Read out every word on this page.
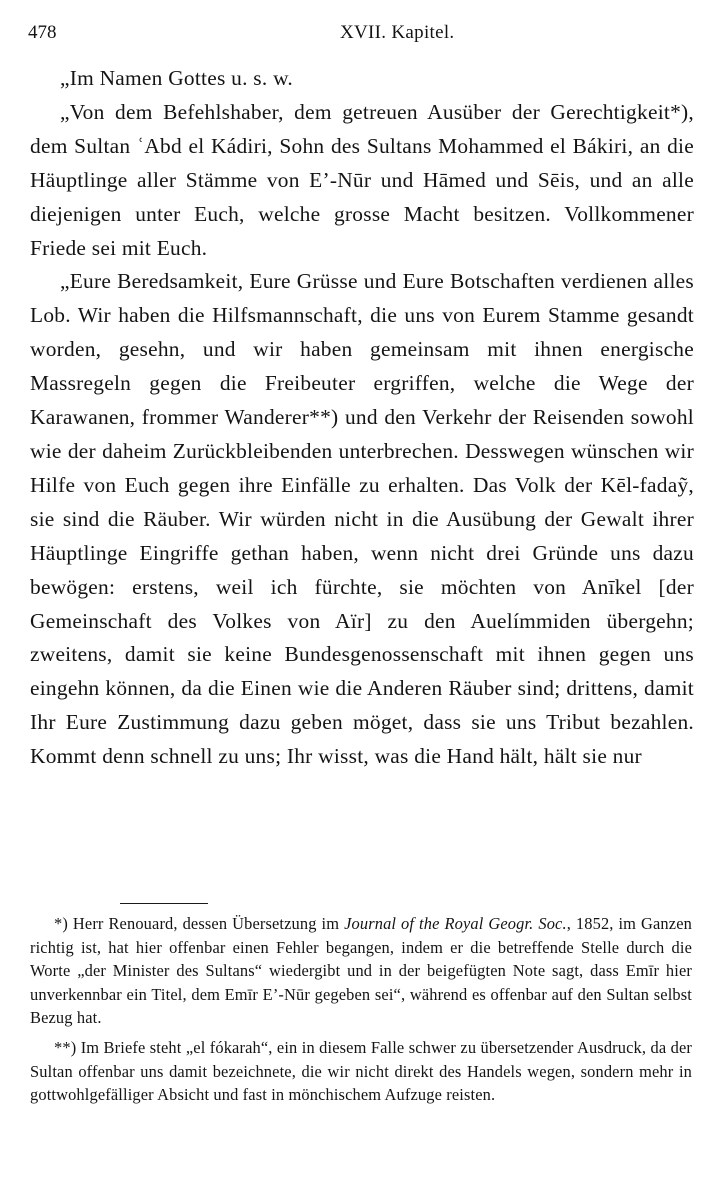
478	XVII. Kapitel.

„Im Namen Gottes u. s. w.

„Von dem Befehlshaber, dem getreuen Ausüber der Gerechtigkeit*), dem Sultan ʿAbd el Kádiri, Sohn des Sultans Mohammed el Bákiri, an die Häuptlinge aller Stämme von E’-Nūr und Hāmed und Sēis, und an alle diejenigen unter Euch, welche grosse Macht besitzen. Vollkommener Friede sei mit Euch.

„Eure Beredsamkeit, Eure Grüsse und Eure Botschaften verdienen alles Lob. Wir haben die Hilfsmannschaft, die uns von Eurem Stamme gesandt worden, gesehn, und wir haben gemeinsam mit ihnen energische Massregeln gegen die Freibeuter ergriffen, welche die Wege der Karawanen, frommer Wanderer**) und den Verkehr der Reisenden sowohl wie der daheim Zurückbleibenden unterbrechen. Desswegen wünschen wir Hilfe von Euch gegen ihre Einfälle zu erhalten. Das Volk der Kēl-fadaỹ, sie sind die Räuber. Wir würden nicht in die Ausübung der Gewalt ihrer Häuptlinge Eingriffe gethan haben, wenn nicht drei Gründe uns dazu bewögen: erstens, weil ich fürchte, sie möchten von Anīkel [der Gemeinschaft des Volkes von Aïr] zu den Auelímmiden übergehn; zweitens, damit sie keine Bundesgenossenschaft mit ihnen gegen uns eingehn können, da die Einen wie die Anderen Räuber sind; drittens, damit Ihr Eure Zustimmung dazu geben möget, dass sie uns Tribut bezahlen. Kommt denn schnell zu uns; Ihr wisst, was die Hand hält, hält sie nur

*) Herr Renouard, dessen Übersetzung im Journal of the Royal Geogr. Soc., 1852, im Ganzen richtig ist, hat hier offenbar einen Fehler begangen, indem er die betreffende Stelle durch die Worte „der Minister des Sultans“ wiedergibt und in der beigefügten Note sagt, dass Emīr hier unverkennbar ein Titel, dem Emīr E’-Nūr gegeben sei“, während es offenbar auf den Sultan selbst Bezug hat.

**) Im Briefe steht „el fókarah“, ein in diesem Falle schwer zu übersetzender Ausdruck, da der Sultan offenbar uns damit bezeichnete, die wir nicht direkt des Handels wegen, sondern mehr in gottwohlgefälliger Absicht und fast in mönchischem Aufzuge reisten.
